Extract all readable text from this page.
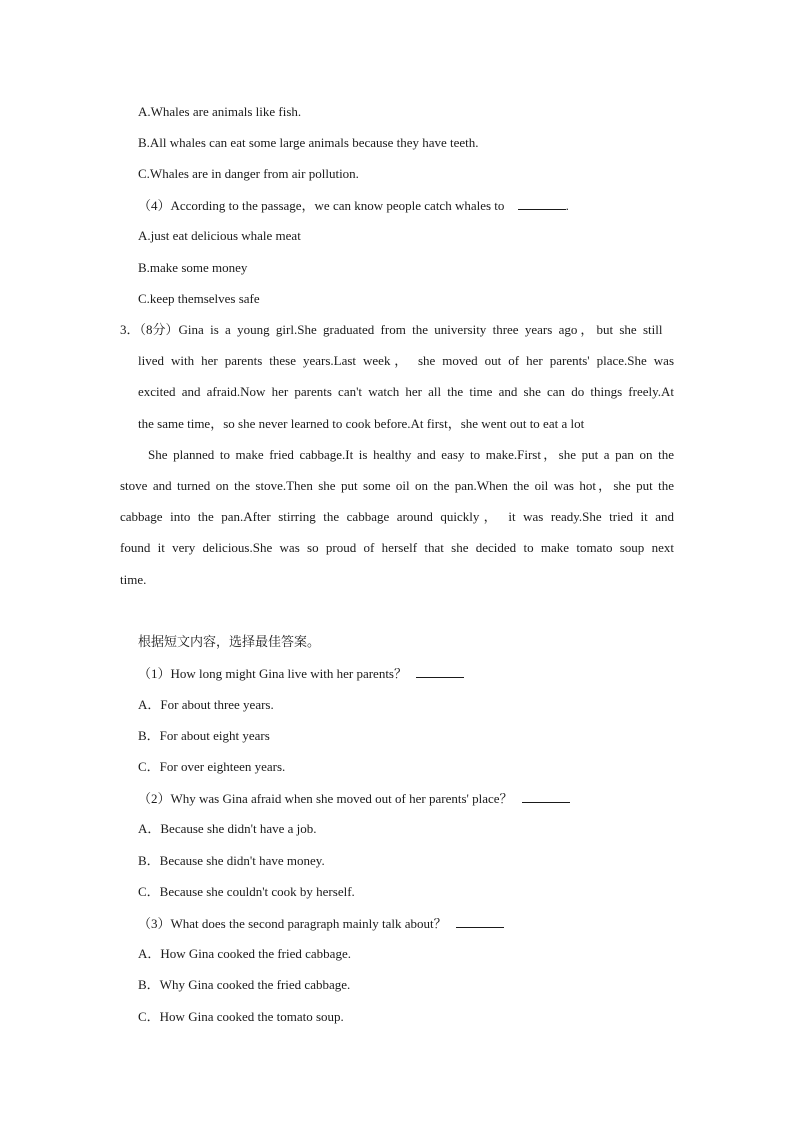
A.Whales are animals like fish.
B.All whales can eat some large animals because they have teeth.
C.Whales are in danger from air pollution.
（4）According to the passage，we can know people catch whales to	.
A.just eat delicious whale meat
B.make some money
C.keep themselves safe
3．（8分）Gina is a young girl.She graduated from the university three years ago，but she still
lived with her parents these years.Last week， she moved out of her parents' place.She was
excited and afraid.Now her parents can't watch her all the time and she can do things freely.At
the same time，so she never learned to cook before.At first，she went out to eat a lot
She planned to make fried cabbage.It is healthy and easy to make.First，she put a pan on the
stove and turned on the stove.Then she put some oil on the pan.When the oil was hot，she put the
cabbage into the pan.After stirring the cabbage around quickly， it was ready.She tried it and
found it very delicious.She was so proud of herself that she decided to make tomato soup next
time.
根据短文内容，选择最佳答案。
（1）How long might Gina live with her parents？
A．For about three years.
B．For about eight years
C．For over eighteen years.
（2）Why was Gina afraid when she moved out of her parents' place？
A．Because she didn't have a job.
B．Because she didn't have money.
C．Because she couldn't cook by herself.
（3）What does the second paragraph mainly talk about？
A．How Gina cooked the fried cabbage.
B．Why Gina cooked the fried cabbage.
C．How Gina cooked the tomato soup.
